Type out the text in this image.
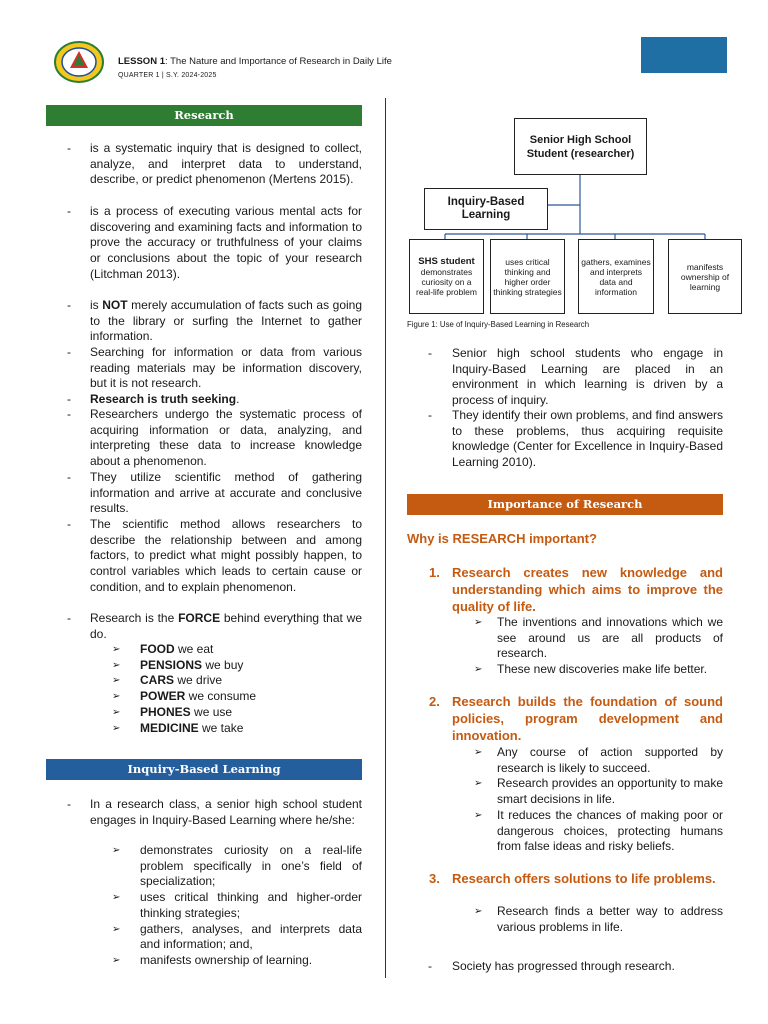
LESSON 1: The Nature and Importance of Research in Daily Life
QUARTER 1 | S.Y. 2024-2025
Research
- is a systematic inquiry that is designed to collect, analyze, and interpret data to understand, describe, or predict phenomenon (Mertens 2015).
- is a process of executing various mental acts for discovering and examining facts and information to prove the accuracy or truthfulness of your claims or conclusions about the topic of your research (Litchman 2013).
- is NOT merely accumulation of facts such as going to the library or surfing the Internet to gather information.
- Searching for information or data from various reading materials may be information discovery, but it is not research.
- Research is truth seeking.
- Researchers undergo the systematic process of acquiring information or data, analyzing, and interpreting these data to increase knowledge about a phenomenon.
- They utilize scientific method of gathering information and arrive at accurate and conclusive results.
- The scientific method allows researchers to describe the relationship between and among factors, to predict what might possibly happen, to control variables which leads to certain cause or condition, and to explain phenomenon.
- Research is the FORCE behind everything that we do.
➢ FOOD we eat
➢ PENSIONS we buy
➢ CARS we drive
➢ POWER we consume
➢ PHONES we use
➢ MEDICINE we take
Inquiry-Based Learning
- In a research class, a senior high school student engages in Inquiry-Based Learning where he/she:
➢ demonstrates curiosity on a real-life problem specifically in one’s field of specialization;
➢ uses critical thinking and higher-order thinking strategies;
➢ gathers, analyses, and interprets data and information; and,
➢ manifests ownership of learning.
Senior High School Student (researcher)
Inquiry-Based Learning
SHS student
demonstrates curiosity on a real-life problem
uses critical thinking and higher order thinking strategies
gathers, examines and interprets data and information
manifests ownership of learning
Figure 1: Use of Inquiry-Based Learning in Research
- Senior high school students who engage in Inquiry-Based Learning are placed in an environment in which learning is driven by a process of inquiry.
- They identify their own problems, and find answers to these problems, thus acquiring requisite knowledge (Center for Excellence in Inquiry-Based Learning 2010).
Importance of Research
Why is RESEARCH important?
1. Research creates new knowledge and understanding which aims to improve the quality of life.
➢ The inventions and innovations which we see around us are all products of research.
➢ These new discoveries make life better.
2. Research builds the foundation of sound policies, program development and innovation.
➢ Any course of action supported by research is likely to succeed.
➢ Research provides an opportunity to make smart decisions in life.
➢ It reduces the chances of making poor or dangerous choices, protecting humans from false ideas and risky beliefs.
3. Research offers solutions to life problems.
➢ Research finds a better way to address various problems in life.
- Society has progressed through research.
